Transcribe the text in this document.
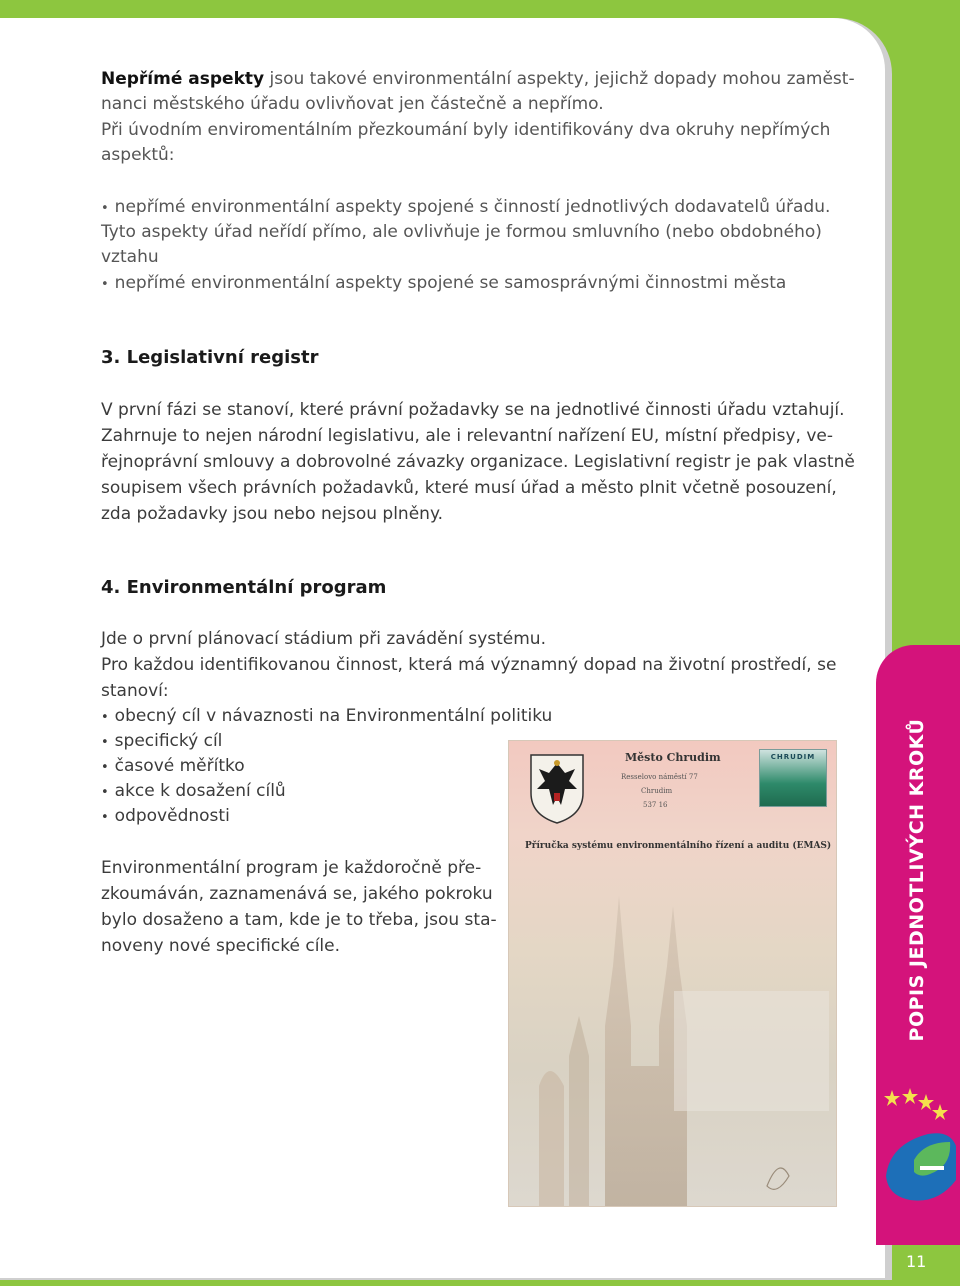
Nepřímé aspekty jsou takové environmentální aspekty, jejichž dopady mohou zaměst-

nanci městského úřadu ovlivňovat jen částečně a nepřímo.

Při úvodním enviromentálním přezkoumání byly identifikovány dva okruhy nepřímých

aspektů:

• nepřímé environmentální aspekty spojené s činností jednotlivých dodavatelů úřadu.

Tyto aspekty úřad neřídí přímo, ale ovlivňuje je formou smluvního (nebo obdobného)

vztahu

• nepřímé environmentální aspekty spojené se samosprávnými činnostmi města

3. Legislativní registr

V první fázi se stanoví, které právní požadavky se na jednotlivé činnosti úřadu vztahují.

Zahrnuje to nejen národní legislativu, ale i relevantní nařízení EU, místní předpisy, ve-

řejnoprávní smlouvy a dobrovolné závazky organizace. Legislativní registr je pak vlastně

soupisem všech právních požadavků, které musí úřad a město plnit včetně posouzení,

zda požadavky jsou nebo nejsou plněny.

4. Environmentální program

Jde o první plánovací stádium při zavádění systému.

Pro každou identifikovanou činnost, která má významný dopad na životní prostředí, se

stanoví:

• obecný cíl v návaznosti na Environmentální politiku

• specifický cíl

• časové měřítko

• akce k dosažení cílů

• odpovědnosti

Environmentální program je každoročně pře-

zkoumáván, zaznamenává se, jakého pokroku

bylo dosaženo a tam, kde je to třeba, jsou sta-

noveny nové specifické cíle.

Město Chrudim
Resselovo náměstí 77
Chrudim
537 16
CHRUDIM
Příručka systému environmentálního řízení a auditu (EMAS)	POPIS JEDNOTLIVÝCH KROKŮ
11
